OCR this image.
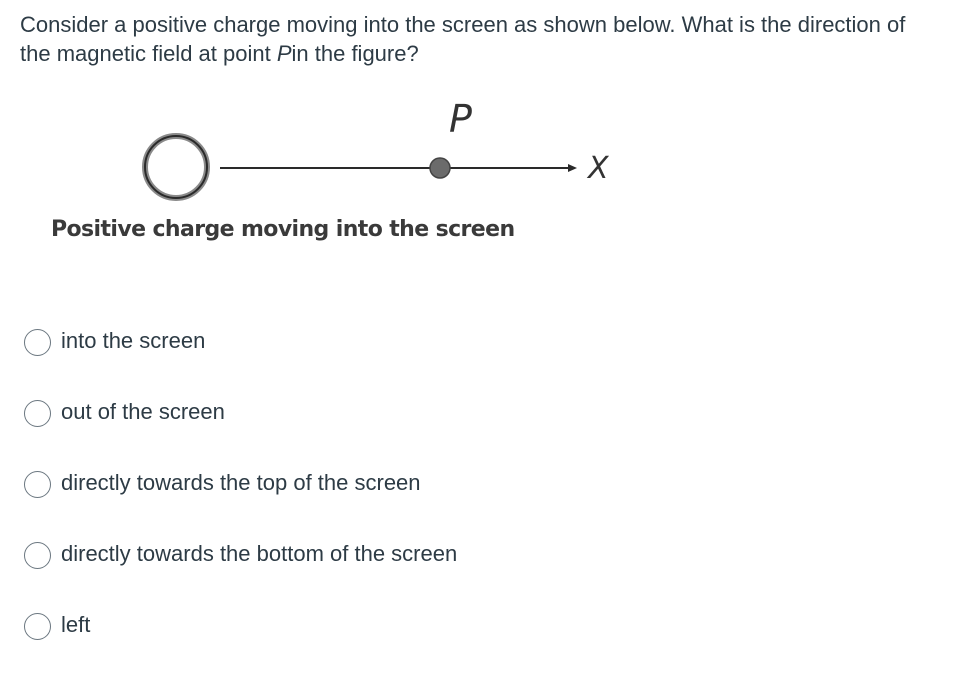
Consider a positive charge moving into the screen as shown below. What is the direction of the magnetic field at point Pin the figure?
P
X
Positive charge moving into the screen
into the screen
out of the screen
directly towards the top of the screen
directly towards the bottom of the screen
left
